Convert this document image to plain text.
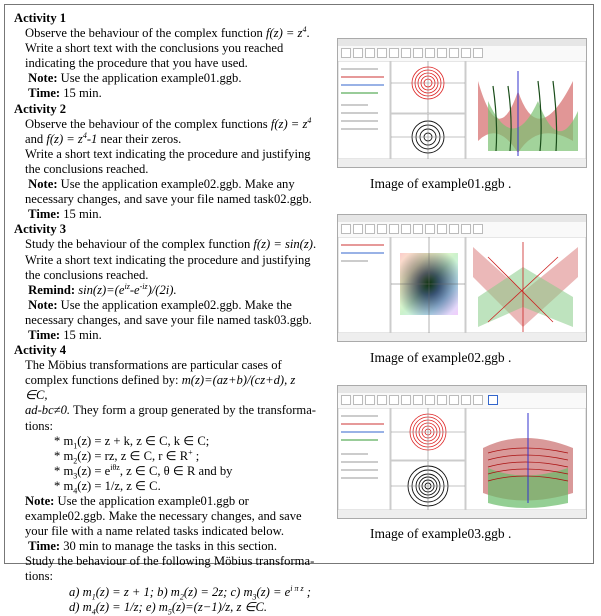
Activity 1

Observe the behaviour of the complex function $f(z) = z^4$.

Write a short text with the conclusions you reached

indicating the procedure that you have used.

Note: Use the application example01.ggb.

Time: 15 min.

Activity 2

Observe the behaviour of the complex functions $f(z) = z^4$

and $f(z) = z^4-1$ near their zeros.

Write a short text indicating the procedure and justifying

the conclusions reached.

Note: Use the application example02.ggb. Make any

necessary changes, and save your file named task02.ggb.

Time: 15 min.

Activity 3

Study the behaviour of the complex function f(z) = sin(z).

Write a short text indicating the procedure and justifying

the conclusions reached.

Remind: $\sin(z)=(e^{iz}-e^{-iz})/(2i)$.

Note: Use the application example02.ggb. Make the

necessary changes, and save your file named task03.ggb.

Time: 15 min.

Activity 4

The Möbius transformations are particular cases of

complex functions defined by: m(z)=(az+b)/(cz+d), z ∈C,

ad-bc≠0. They form a group generated by the transforma-

tions:

* $m_1(z) = z + k$, z ∈ C, k ∈ C;

* $m_2(z)$ = rz, z ∈ C, r ∈ R+ ;

* $m_3(z) = e^{i\theta z}$, z ∈ C, θ ∈ R and by

* $m_4(z) = 1/z$, z ∈ C.

Note: Use the application example01.ggb or

example02.ggb. Make the necessary changes, and save

your file with a name related tasks indicated below.

Time: 30 min to manage the tasks in this section.

Study the behaviour of the following Möbius transforma-

tions:

a) $m_1(z) = z + 1$; b) $m_2(z) = 2z$; c) $m_3(z) = e^{i \pi z}$ ;

d) $m_4(z) = 1/z$; e) $m_5(z)=(z-1)/z$, z ∈C.

Image of example01.ggb .
Image of example02.ggb .
Image of example03.ggb .
